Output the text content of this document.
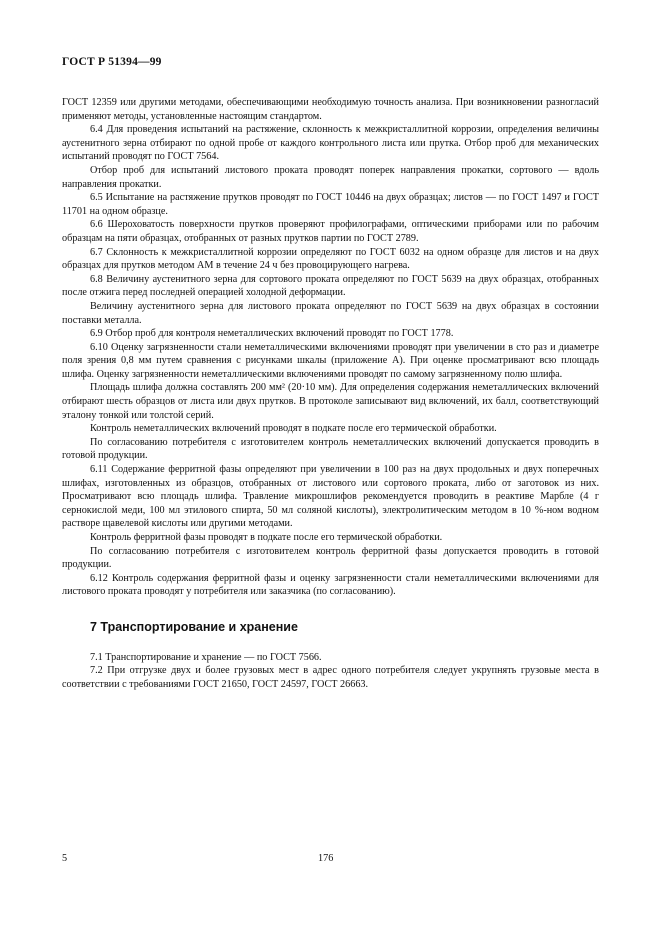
ГОСТ Р 51394—99

ГОСТ 12359 или другими методами, обеспечивающими необходимую точность анализа. При возникновении разногласий применяют методы, установленные настоящим стандартом.

6.4 Для проведения испытаний на растяжение, склонность к межкристаллитной коррозии, определения величины аустенитного зерна отбирают по одной пробе от каждого контрольного листа или прутка. Отбор проб для механических испытаний проводят по ГОСТ 7564.

Отбор проб для испытаний листового проката проводят поперек направления прокатки, сортового — вдоль направления прокатки.

6.5 Испытание на растяжение прутков проводят по ГОСТ 10446 на двух образцах; листов — по ГОСТ 1497 и ГОСТ 11701 на одном образце.

6.6 Шероховатость поверхности прутков проверяют профилографами, оптическими приборами или по рабочим образцам на пяти образцах, отобранных от разных прутков партии по ГОСТ 2789.

6.7 Склонность к межкристаллитной коррозии определяют по ГОСТ 6032 на одном образце для листов и на двух образцах для прутков методом АМ в течение 24 ч без провоцирующего нагрева.

6.8 Величину аустенитного зерна для сортового проката определяют по ГОСТ 5639 на двух образцах, отобранных после отжига перед последней операцией холодной деформации.

Величину аустенитного зерна для листового проката определяют по ГОСТ 5639 на двух образцах в состоянии поставки металла.

6.9 Отбор проб для контроля неметаллических включений проводят по ГОСТ 1778.

6.10 Оценку загрязненности стали неметаллическими включениями проводят при увеличении в сто раз и диаметре поля зрения 0,8 мм путем сравнения с рисунками шкалы (приложение А). При оценке просматривают всю площадь шлифа. Оценку загрязненности неметаллическими включениями проводят по самому загрязненному полю шлифа.

Площадь шлифа должна составлять 200 мм² (20·10 мм). Для определения содержания неметаллических включений отбирают шесть образцов от листа или двух прутков. В протоколе записывают вид включений, их балл, соответствующий эталону тонкой или толстой серий.

Контроль неметаллических включений проводят в подкате после его термической обработки.

По согласованию потребителя с изготовителем контроль неметаллических включений допускается проводить в готовой продукции.

6.11 Содержание ферритной фазы определяют при увеличении в 100 раз на двух продольных и двух поперечных шлифах, изготовленных из образцов, отобранных от листового или сортового проката, либо от заготовок из них. Просматривают всю площадь шлифа. Травление микрошлифов рекомендуется проводить в реактиве Марбле (4 г сернокислой меди, 100 мл этилового спирта, 50 мл соляной кислоты), электролитическим методом в 10 %-ном водном растворе щавелевой кислоты или другими методами.

Контроль ферритной фазы проводят в подкате после его термической обработки.

По согласованию потребителя с изготовителем контроль ферритной фазы допускается проводить в готовой продукции.

6.12 Контроль содержания ферритной фазы и оценку загрязненности стали неметаллическими включениями для листового проката проводят у потребителя или заказчика (по согласованию).

7 Транспортирование и хранение

7.1 Транспортирование и хранение — по ГОСТ 7566.

7.2 При отгрузке двух и более грузовых мест в адрес одного потребителя следует укрупнять грузовые места в соответствии с требованиями ГОСТ 21650, ГОСТ 24597, ГОСТ 26663.

5	176
